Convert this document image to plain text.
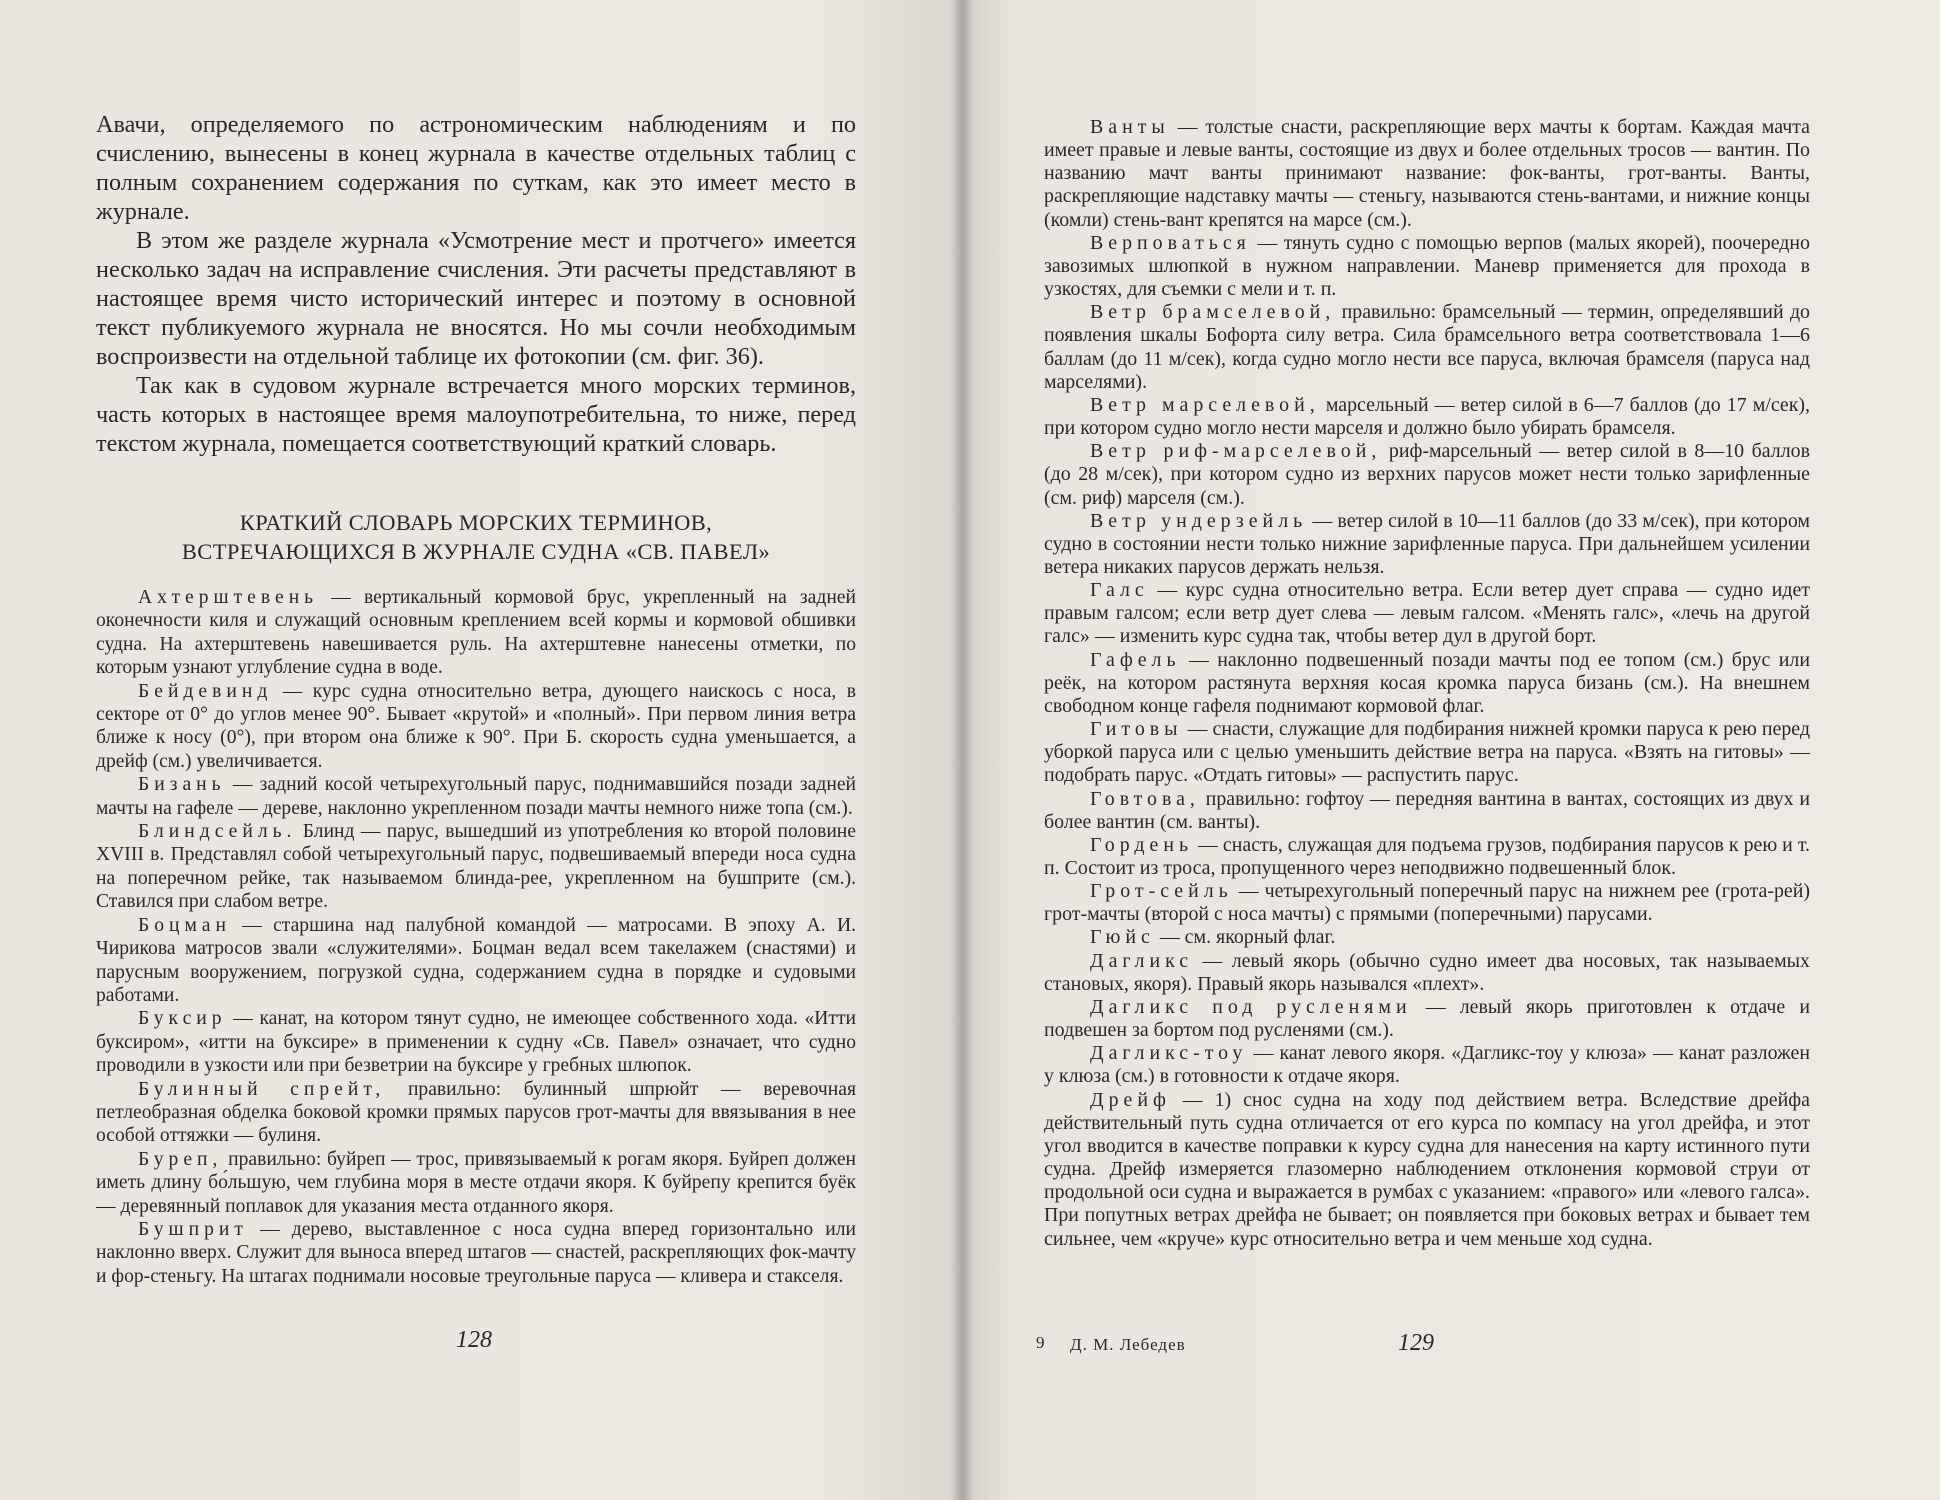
Авачи, определяемого по астрономическим наблюдениям и по счислению, вынесены в конец журнала в качестве отдельных таблиц с полным сохранением содержания по суткам, как это имеет место в журнале.

В этом же разделе журнала «Усмотрение мест и протчего» имеется несколько задач на исправление счисления. Эти расчеты представляют в настоящее время чисто исторический интерес и поэтому в основной текст публикуемого журнала не вносятся. Но мы сочли необходимым воспроизвести на отдельной таблице их фотокопии (см. фиг. 36).

Так как в судовом журнале встречается много морских терминов, часть которых в настоящее время малоупотребительна, то ниже, перед текстом журнала, помещается соответствующий краткий словарь.

КРАТКИЙ СЛОВАРЬ МОРСКИХ ТЕРМИНОВ,
ВСТРЕЧАЮЩИХСЯ В ЖУРНАЛЕ СУДНА «СВ. ПАВЕЛ»

Ахтерштевень — вертикальный кормовой брус, укрепленный на задней оконечности киля и служащий основным креплением всей кормы и кормовой обшивки судна. На ахтерштевень навешивается руль. На ахтерштевне нанесены отметки, по которым узнают углубление судна в воде.

Бейдевинд — курс судна относительно ветра, дующего наискось с носа, в секторе от 0° до углов менее 90°. Бывает «крутой» и «полный». При первом линия ветра ближе к носу (0°), при втором она ближе к 90°. При Б. скорость судна уменьшается, а дрейф (см.) увеличивается.

Бизань — задний косой четырехугольный парус, поднимавшийся позади задней мачты на гафеле — дереве, наклонно укрепленном позади мачты немного ниже топа (см.).

Блиндсейль. Блинд — парус, вышедший из употребления ко второй половине XVIII в. Представлял собой четырехугольный парус, подвешиваемый впереди носа судна на поперечном рейке, так называемом блинда-рее, укрепленном на бушприте (см.). Ставился при слабом ветре.

Боцман — старшина над палубной командой — матросами. В эпоху А. И. Чирикова матросов звали «служителями». Боцман ведал всем такелажем (снастями) и парусным вооружением, погрузкой судна, содержанием судна в порядке и судовыми работами.

Буксир — канат, на котором тянут судно, не имеющее собственного хода. «Итти буксиром», «итти на буксире» в применении к судну «Св. Павел» означает, что судно проводили в узкости или при безветрии на буксире у гребных шлюпок.

Булинный спрейт, правильно: булинный шпрюйт — веревочная петлеобразная обделка боковой кромки прямых парусов грот-мачты для ввязывания в нее особой оттяжки — булиня.

Буреп, правильно: буйреп — трос, привязываемый к рогам якоря. Буйреп должен иметь длину бо́льшую, чем глубина моря в месте отдачи якоря. К буйрепу крепится буёк — деревянный поплавок для указания места отданного якоря.

Бушприт — дерево, выставленное с носа судна вперед горизонтально или наклонно вверх. Служит для выноса вперед штагов — снастей, раскрепляющих фок-мачту и фор-стеньгу. На штагах поднимали носовые треугольные паруса — кливера и стакселя.

128

Ванты — толстые снасти, раскрепляющие верх мачты к бортам. Каждая мачта имеет правые и левые ванты, состоящие из двух и более отдельных тросов — вантин. По названию мачт ванты принимают название: фок-ванты, грот-ванты. Ванты, раскрепляющие надставку мачты — стеньгу, называются стень-вантами, и нижние концы (комли) стень-вант крепятся на марсе (см.).

Верповаться — тянуть судно с помощью верпов (малых якорей), поочередно завозимых шлюпкой в нужном направлении. Маневр применяется для прохода в узкостях, для съемки с мели и т. п.

Ветр брамселевой, правильно: брамсельный — термин, определявший до появления шкалы Бофорта силу ветра. Сила брамсельного ветра соответствовала 1—6 баллам (до 11 м/сек), когда судно могло нести все паруса, включая брамселя (паруса над марселями).

Ветр марселевой, марсельный — ветер силой в 6—7 баллов (до 17 м/сек), при котором судно могло нести марселя и должно было убирать брамселя.

Ветр риф-марселевой, риф-марсельный — ветер силой в 8—10 баллов (до 28 м/сек), при котором судно из верхних парусов может нести только зарифленные (см. риф) марселя (см.).

Ветр ундерзейль — ветер силой в 10—11 баллов (до 33 м/сек), при котором судно в состоянии нести только нижние зарифленные паруса. При дальнейшем усилении ветера никаких парусов держать нельзя.

Галс — курс судна относительно ветра. Если ветер дует справа — судно идет правым галсом; если ветр дует слева — левым галсом. «Менять галс», «лечь на другой галс» — изменить курс судна так, чтобы ветер дул в другой борт.

Гафель — наклонно подвешенный позади мачты под ее топом (см.) брус или реёк, на котором растянута верхняя косая кромка паруса бизань (см.). На внешнем свободном конце гафеля поднимают кормовой флаг.

Гитовы — снасти, служащие для подбирания нижней кромки паруса к рею перед уборкой паруса или с целью уменьшить действие ветра на паруса. «Взять на гитовы» — подобрать парус. «Отдать гитовы» — распустить парус.

Говтова, правильно: гофтоу — передняя вантина в вантах, состоящих из двух и более вантин (см. ванты).

Гордень — снасть, служащая для подъема грузов, подбирания парусов к рею и т. п. Состоит из троса, пропущенного через неподвижно подвешенный блок.

Грот-сейль — четырехугольный поперечный парус на нижнем рее (грота-рей) грот-мачты (второй с носа мачты) с прямыми (поперечными) парусами.

Гюйс — см. якорный флаг.

Дагликс — левый якорь (обычно судно имеет два носовых, так называемых становых, якоря). Правый якорь назывался «плехт».

Дагликс под русленями — левый якорь приготовлен к отдаче и подвешен за бортом под русленями (см.).

Дагликс-тоу — канат левого якоря. «Дагликс-тоу у клюза» — канат разложен у клюза (см.) в готовности к отдаче якоря.

Дрейф — 1) снос судна на ходу под действием ветра. Вследствие дрейфа действительный путь судна отличается от его курса по компасу на угол дрейфа, и этот угол вводится в качестве поправки к курсу судна для нанесения на карту истинного пути судна. Дрейф измеряется глазомерно наблюдением отклонения кормовой струи от продольной оси судна и выражается в румбах с указанием: «правого» или «левого галса». При попутных ветрах дрейфа не бывает; он появляется при боковых ветрах и бывает тем сильнее, чем «круче» курс относительно ветра и чем меньше ход судна.

9 Д. М. Лебедев	129
